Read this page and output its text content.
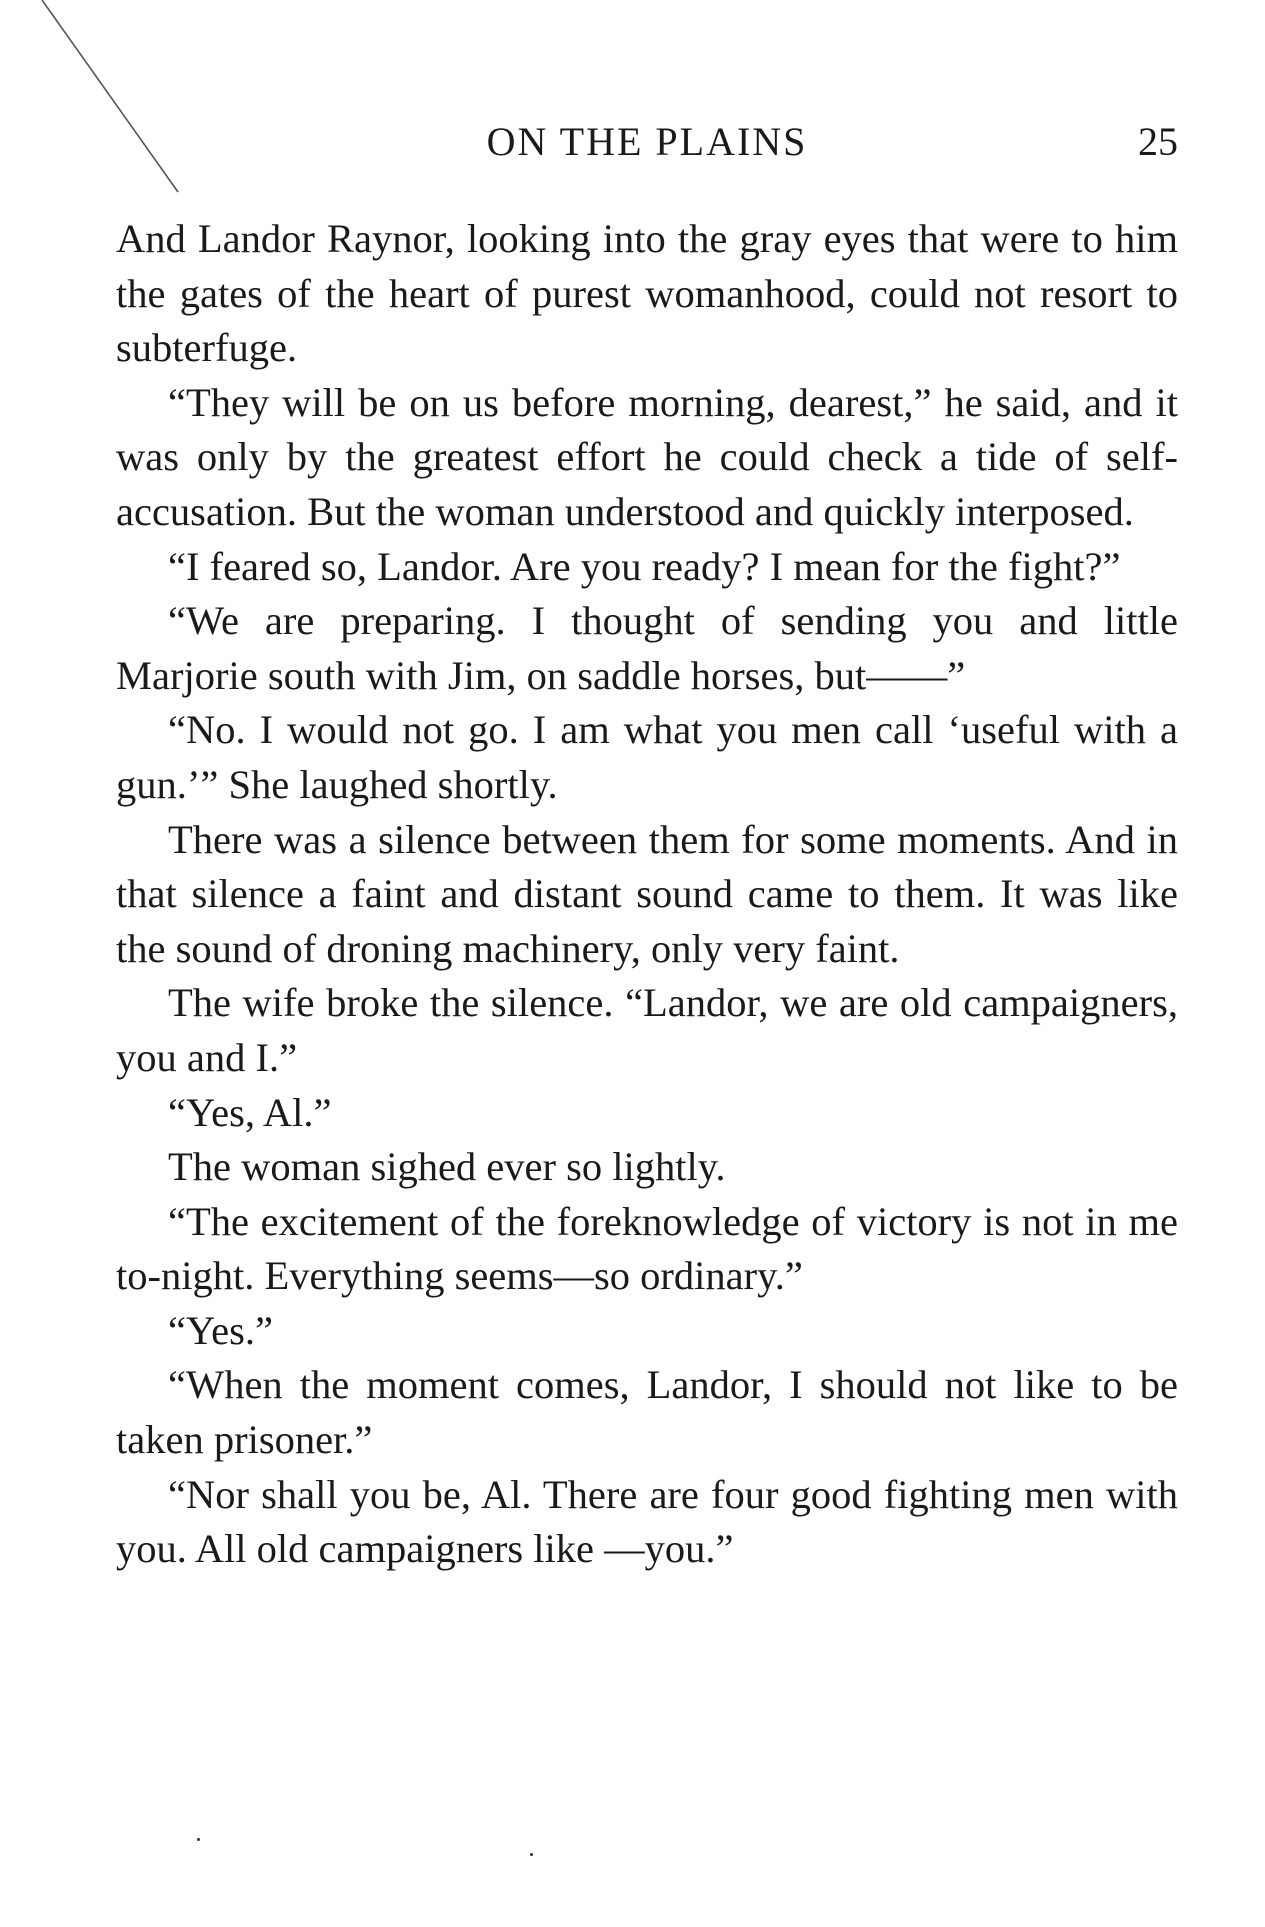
ON THE PLAINS	25

And Landor Raynor, looking into the gray eyes that were to him the gates of the heart of purest womanhood, could not resort to subterfuge.

“They will be on us before morning, dearest,” he said, and it was only by the greatest effort he could check a tide of self-accusation. But the woman understood and quickly interposed.

“I feared so, Landor. Are you ready? I mean for the fight?”

“We are preparing. I thought of sending you and little Marjorie south with Jim, on saddle horses, but——”

“No. I would not go. I am what you men call ‘useful with a gun.’” She laughed shortly.

There was a silence between them for some moments. And in that silence a faint and distant sound came to them. It was like the sound of droning machinery, only very faint.

The wife broke the silence. “Landor, we are old campaigners, you and I.”

“Yes, Al.”

The woman sighed ever so lightly.

“The excitement of the foreknowledge of victory is not in me to-night. Everything seems—so ordinary.”

“Yes.”

“When the moment comes, Landor, I should not like to be taken prisoner.”

“Nor shall you be, Al. There are four good fighting men with you. All old campaigners like —you.”
